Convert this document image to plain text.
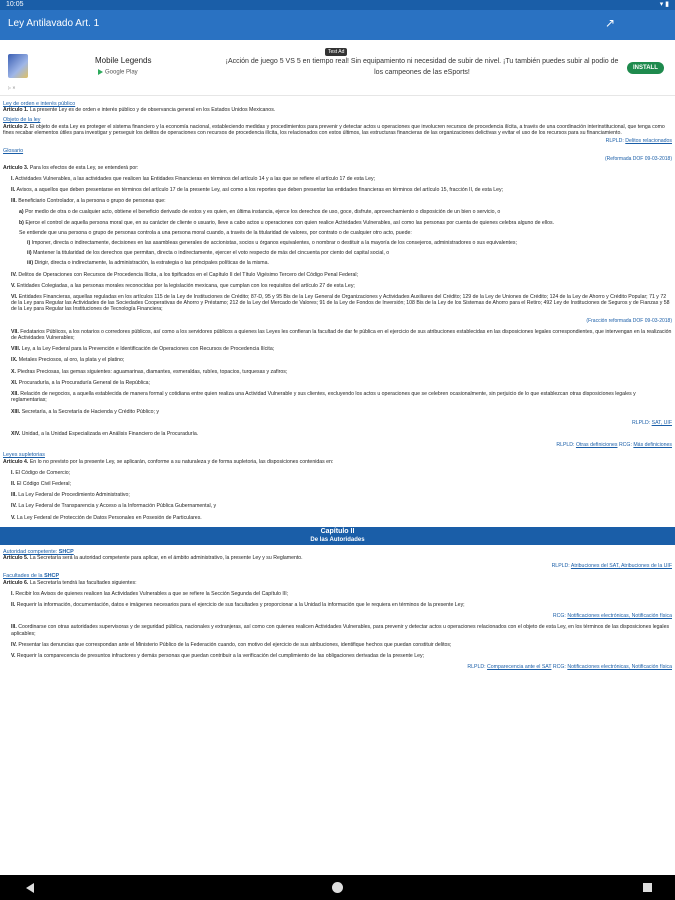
10:05	▾ ▮
Ley Antilavado Art. 1	↗
Test Ad
Mobile Legends
Google Play
¡Acción de juego 5 VS 5 en tiempo real! Sin equipamiento ni necesidad de subir de nivel. ¡Tu también puedes subir al podio de los campeones de las eSports!
INSTALL
▷ ✕
Ley de orden e interés público
Artículo 1. La presente Ley es de orden e interés público y de observancia general en los Estados Unidos Mexicanos.
Objeto de la ley
Artículo 2. El objeto de esta Ley es proteger el sistema financiero y la economía nacional, estableciendo medidas y procedimientos para prevenir y detectar actos u operaciones que involucren recursos de procedencia ilícita, a través de una coordinación interinstitucional, que tenga como fines recabar elementos útiles para investigar y perseguir los delitos de operaciones con recursos de procedencia ilícita, los relacionados con estos últimos, las estructuras financieras de las organizaciones delictivas y evitar el uso de los recursos para su financiamiento.
RLPLD: Delitos relacionados
Glosario
(Reformada DOF 09-03-2018)
Artículo 3. Para los efectos de esta Ley, se entenderá por:
I. Actividades Vulnerables, a las actividades que realicen las Entidades Financieras en términos del artículo 14 y a las que se refiere el artículo 17 de esta Ley;
II. Avisos, a aquellos que deben presentarse en términos del artículo 17 de la presente Ley, así como a los reportes que deben presentar las entidades financieras en términos del artículo 15, fracción II, de esta Ley;
III. Beneficiario Controlador, a la persona o grupo de personas que:
a) Por medio de otra o de cualquier acto, obtiene el beneficio derivado de estos y es quien, en última instancia, ejerce los derechos de uso, goce, disfrute, aprovechamiento o disposición de un bien o servicio, o
b) Ejerce el control de aquella persona moral que, en su carácter de cliente o usuario, lleve a cabo actos u operaciones con quien realice Actividades Vulnerables, así como las personas por cuenta de quienes celebra alguno de ellos.
Se entiende que una persona o grupo de personas controla a una persona moral cuando, a través de la titularidad de valores, por contrato o de cualquier otro acto, puede:
i) Imponer, directa o indirectamente, decisiones en las asambleas generales de accionistas, socios u órganos equivalentes, o nombrar o destituir a la mayoría de los consejeros, administradores o sus equivalentes;
ii) Mantener la titularidad de los derechos que permitan, directa o indirectamente, ejercer el voto respecto de más del cincuenta por ciento del capital social, o
iii) Dirigir, directa o indirectamente, la administración, la estrategia o las principales políticas de la misma.
IV. Delitos de Operaciones con Recursos de Procedencia Ilícita, a los tipificados en el Capítulo II del Título Vigésimo Tercero del Código Penal Federal;
V. Entidades Colegiadas, a las personas morales reconocidas por la legislación mexicana, que cumplan con los requisitos del artículo 27 de esta Ley;
VI. Entidades Financieras, aquellas reguladas en los artículos 115 de la Ley de Instituciones de Crédito; 87-D, 95 y 95 Bis de la Ley General de Organizaciones y Actividades Auxiliares del Crédito; 129 de la Ley de Uniones de Crédito; 124 de la Ley de Ahorro y Crédito Popular; 71 y 72 de la Ley para Regular las Actividades de las Sociedades Cooperativas de Ahorro y Préstamo; 212 de la Ley del Mercado de Valores; 91 de la Ley de Fondos de Inversión; 108 Bis de la Ley de los Sistemas de Ahorro para el Retiro; 492 Ley de Instituciones de Seguros y de Fianzas y 58 de la Ley para Regular las Instituciones de Tecnología Financiera;
(Fracción reformada DOF 09-03-2018)
VII. Fedatarios Públicos, a los notarios o corredores públicos, así como a los servidores públicos a quienes las Leyes les confieran la facultad de dar fe pública en el ejercicio de sus atribuciones establecidas en las disposiciones legales correspondientes, que intervengan en la realización de Actividades Vulnerables;
VIII. Ley, a la Ley Federal para la Prevención e Identificación de Operaciones con Recursos de Procedencia Ilícita;
IX. Metales Preciosos, al oro, la plata y el platino;
X. Piedras Preciosas, las gemas siguientes: aguamarinas, diamantes, esmeraldas, rubíes, topacios, turquesas y zafiros;
XI. Procuraduría, a la Procuraduría General de la República;
XII. Relación de negocios, a aquella establecida de manera formal y cotidiana entre quien realiza una Actividad Vulnerable y sus clientes, excluyendo los actos u operaciones que se celebren ocasionalmente, sin perjuicio de lo que establezcan otras disposiciones legales y reglamentarias;
XIII. Secretaría, a la Secretaría de Hacienda y Crédito Público; y
RLPLD: SAT, UIF
XIV. Unidad, a la Unidad Especializada en Análisis Financiero de la Procuraduría.
RLPLD: Otras definiciones RCG: Más definiciones
Leyes supletorias
Artículo 4. En lo no previsto por la presente Ley, se aplicarán, conforme a su naturaleza y de forma supletoria, las disposiciones contenidas en:
I. El Código de Comercio;
II. El Código Civil Federal;
III. La Ley Federal de Procedimiento Administrativo;
IV. La Ley Federal de Transparencia y Acceso a la Información Pública Gubernamental, y
V. La Ley Federal de Protección de Datos Personales en Posesión de Particulares.
Capítulo II
De las Autoridades
Autoridad competente: SHCP
Artículo 5. La Secretaría será la autoridad competente para aplicar, en el ámbito administrativo, la presente Ley y su Reglamento.
RLPLD: Atribuciones del SAT, Atribuciones de la UIF
Facultades de la SHCP
Artículo 6. La Secretaría tendrá las facultades siguientes:
I. Recibir los Avisos de quienes realicen las Actividades Vulnerables a que se refiere la Sección Segunda del Capítulo III;
II. Requerir la información, documentación, datos e imágenes necesarios para el ejercicio de sus facultades y proporcionar a la Unidad la información que le requiera en términos de la presente Ley;
RCG: Notificaciones electrónicas, Notificación física
III. Coordinarse con otras autoridades supervisoras y de seguridad pública, nacionales y extranjeras, así como con quienes realicen Actividades Vulnerables, para prevenir y detectar actos u operaciones relacionados con el objeto de esta Ley, en los términos de las disposiciones legales aplicables;
IV. Presentar las denuncias que correspondan ante el Ministerio Público de la Federación cuando, con motivo del ejercicio de sus atribuciones, identifique hechos que puedan constituir delitos;
V. Requerir la comparecencia de presuntos infractores y demás personas que puedan contribuir a la verificación del cumplimiento de las obligaciones derivadas de la presente Ley;
RLPLD: Comparecencia ante el SAT RCG: Notificaciones electrónicas, Notificación física
